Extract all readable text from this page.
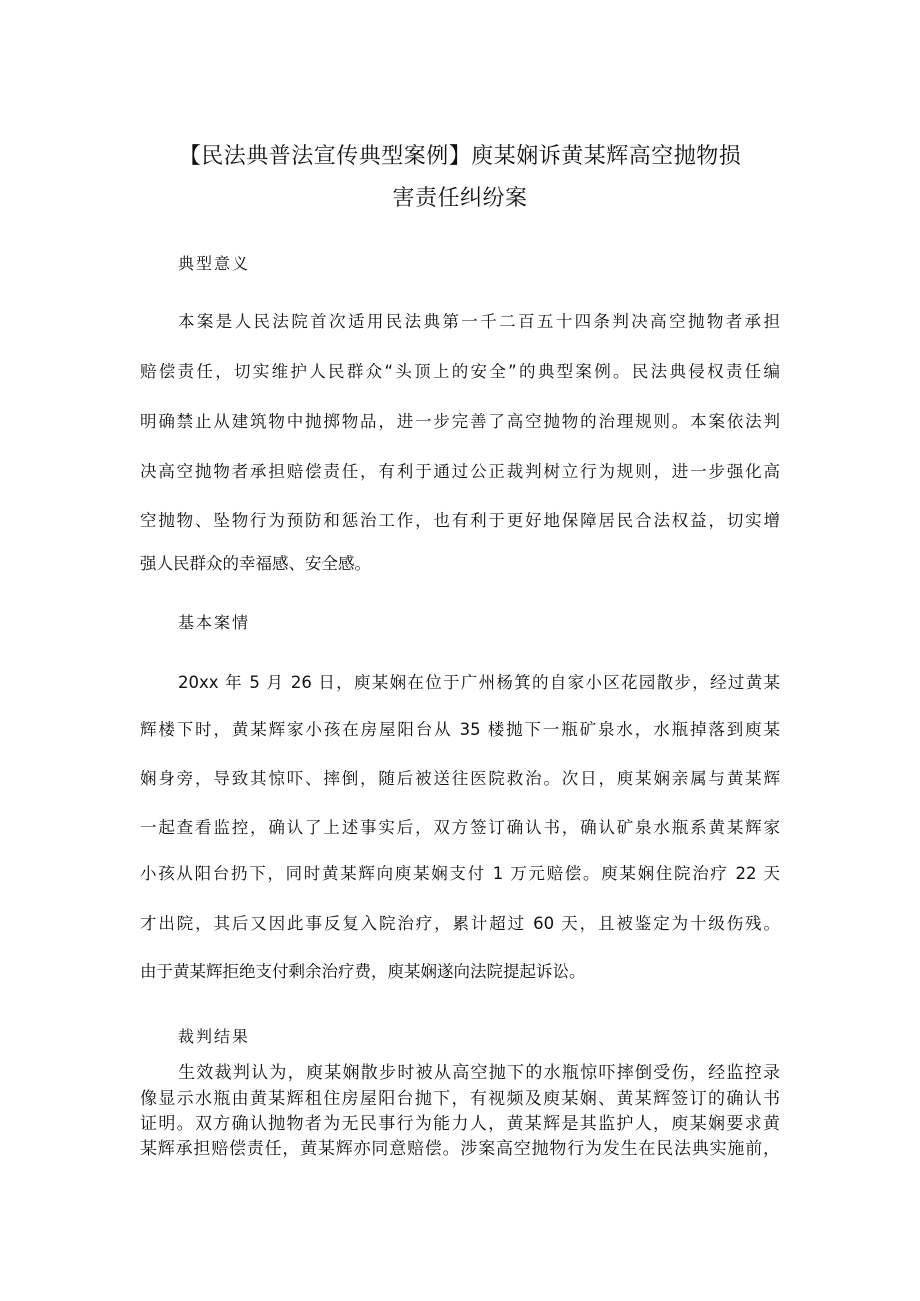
【民法典普法宣传典型案例】庾某娴诉黄某辉高空抛物损
害责任纠纷案
典型意义
本案是人民法院首次适用民法典第一千二百五十四条判决高空抛物者承担
赔偿责任，切实维护人民群众“头顶上的安全”的典型案例。民法典侵权责任编
明确禁止从建筑物中抛掷物品，进一步完善了高空抛物的治理规则。本案依法判
决高空抛物者承担赔偿责任，有利于通过公正裁判树立行为规则，进一步强化高
空抛物、坠物行为预防和惩治工作，也有利于更好地保障居民合法权益，切实增
强人民群众的幸福感、安全感。
基本案情
20xx 年 5 月 26 日，庾某娴在位于广州杨箕的自家小区花园散步，经过黄某
辉楼下时，黄某辉家小孩在房屋阳台从 35 楼抛下一瓶矿泉水，水瓶掉落到庾某
娴身旁，导致其惊吓、摔倒，随后被送往医院救治。次日，庾某娴亲属与黄某辉
一起查看监控，确认了上述事实后，双方签订确认书，确认矿泉水瓶系黄某辉家
小孩从阳台扔下，同时黄某辉向庾某娴支付 1 万元赔偿。庾某娴住院治疗 22 天
才出院，其后又因此事反复入院治疗，累计超过 60 天，且被鉴定为十级伤残。
由于黄某辉拒绝支付剩余治疗费，庾某娴遂向法院提起诉讼。
裁判结果
生效裁判认为，庾某娴散步时被从高空抛下的水瓶惊吓摔倒受伤，经监控录
像显示水瓶由黄某辉租住房屋阳台抛下，有视频及庾某娴、黄某辉签订的确认书
证明。双方确认抛物者为无民事行为能力人，黄某辉是其监护人，庾某娴要求黄
某辉承担赔偿责任，黄某辉亦同意赔偿。涉案高空抛物行为发生在民法典实施前，
